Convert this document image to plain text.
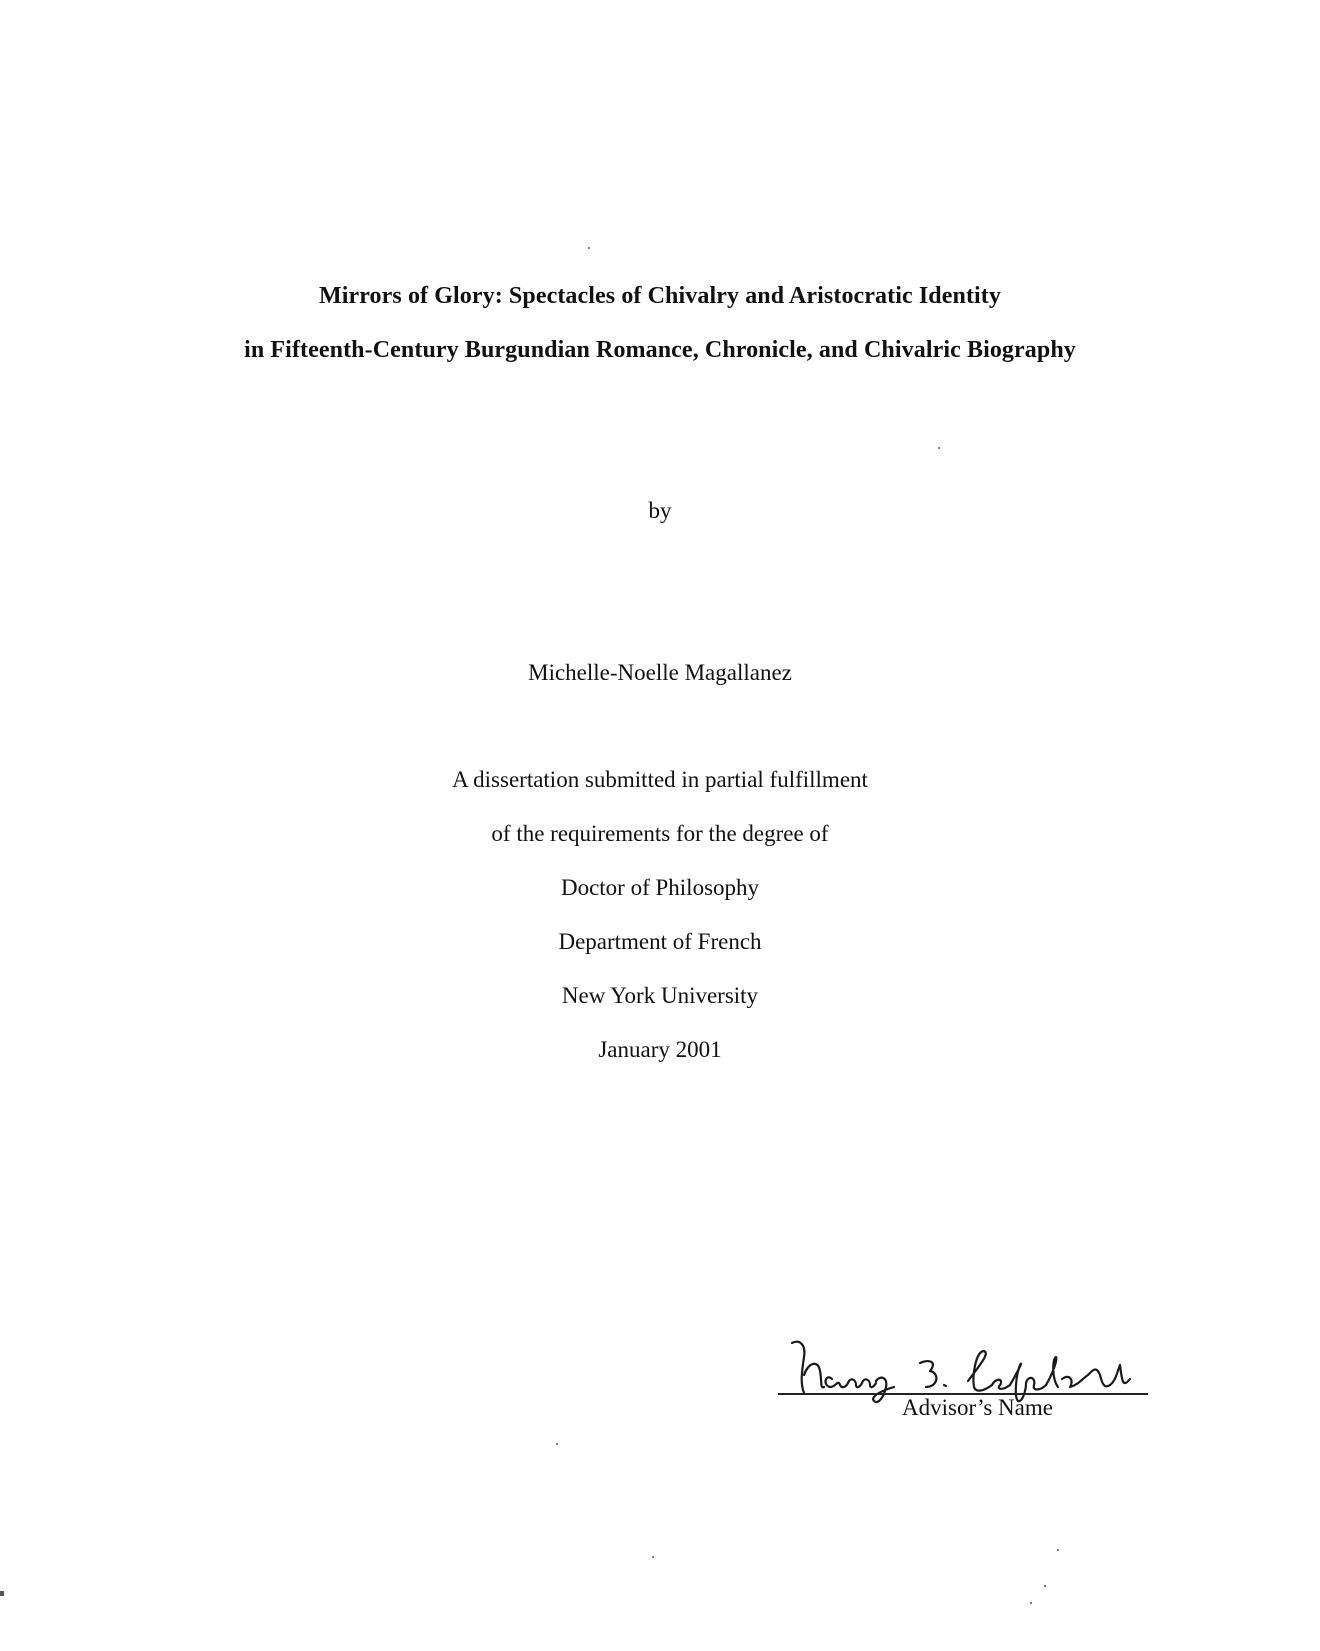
Mirrors of Glory: Spectacles of Chivalry and Aristocratic Identity
in Fifteenth-Century Burgundian Romance, Chronicle, and Chivalric Biography
by
Michelle-Noelle Magallanez
A dissertation submitted in partial fulfillment
of the requirements for the degree of
Doctor of Philosophy
Department of French
New York University
January 2001
Advisor’s Name
